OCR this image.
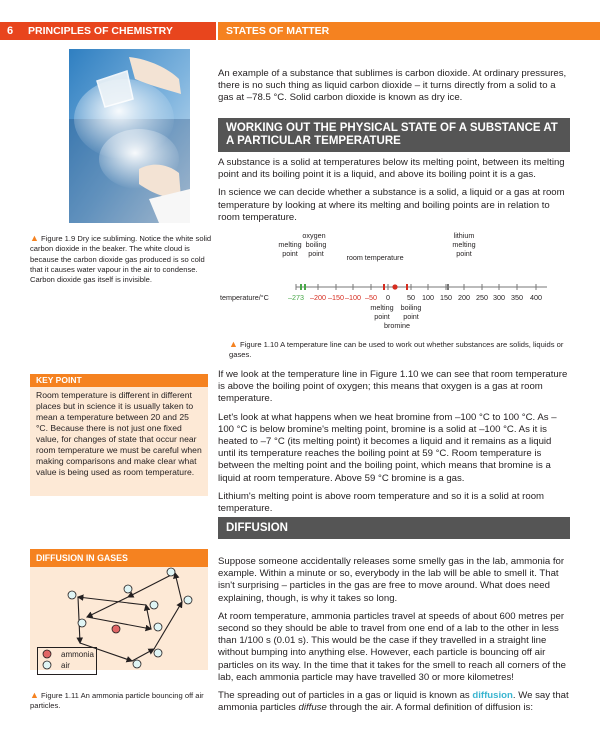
6	PRINCIPLES OF CHEMISTRY	STATES OF MATTER
▲ Figure 1.9 Dry ice subliming. Notice the white solid carbon dioxide in the beaker. The white cloud is because the carbon dioxide gas produced is so cold that it causes water vapour in the air to condense. Carbon dioxide gas itself is invisible.

An example of a substance that sublimes is carbon dioxide. At ordinary pressures, there is no such thing as liquid carbon dioxide – it turns directly from a solid to a gas at –78.5 °C. Solid carbon dioxide is known as dry ice.

WORKING OUT THE PHYSICAL STATE OF A SUBSTANCE AT A PARTICULAR TEMPERATURE

A substance is a solid at temperatures below its melting point, between its melting point and its boiling point it is a liquid, and above its boiling point it is a gas.

In science we can decide whether a substance is a solid, a liquid or a gas at room temperature by looking at where its melting and boiling points are in relation to room temperature.

temperature/°C
oxygen
melting
point
boiling
point	room temperature
lithium
melting
point
melting
point
boiling
point
bromine
–273 –200 –150 –100 –50 0 50 100 150 200 250 300 350 400
▲ Figure 1.10 A temperature line can be used to work out whether substances are solids, liquids or gases.
KEY POINT
Room temperature is different in different places but in science it is usually taken to mean a temperature between 20 and 25 °C. Because there is not just one fixed value, for changes of state that occur near room temperature we must be careful when making comparisons and make clear what value is being used as room temperature.

If we look at the temperature line in Figure 1.10 we can see that room temperature is above the boiling point of oxygen; this means that oxygen is a gas at room temperature.

Let's look at what happens when we heat bromine from –100 °C to 100 °C. As –100 °C is below bromine's melting point, bromine is a solid at –100 °C. As it is heated to –7 °C (its melting point) it becomes a liquid and it remains as a liquid until its temperature reaches the boiling point at 59 °C. Room temperature is between the melting point and the boiling point, which means that bromine is a liquid at room temperature. Above 59 °C bromine is a gas.

Lithium's melting point is above room temperature and so it is a solid at room temperature.

DIFFUSION
DIFFUSION IN GASES
ammonia
air
▲ Figure 1.11 An ammonia particle bouncing off air particles.

Suppose someone accidentally releases some smelly gas in the lab, ammonia for example. Within a minute or so, everybody in the lab will be able to smell it. That isn't surprising – particles in the gas are free to move around. What does need explaining, though, is why it takes so long.

At room temperature, ammonia particles travel at speeds of about 600 metres per second so they should be able to travel from one end of a lab to the other in less than 1/100 s (0.01 s). This would be the case if they travelled in a straight line without bumping into anything else. However, each particle is bouncing off air particles on its way. In the time that it takes for the smell to reach all corners of the lab, each ammonia particle may have travelled 30 or more kilometres!

The spreading out of particles in a gas or liquid is known as diffusion. We say that ammonia particles diffuse through the air. A formal definition of diffusion is:
